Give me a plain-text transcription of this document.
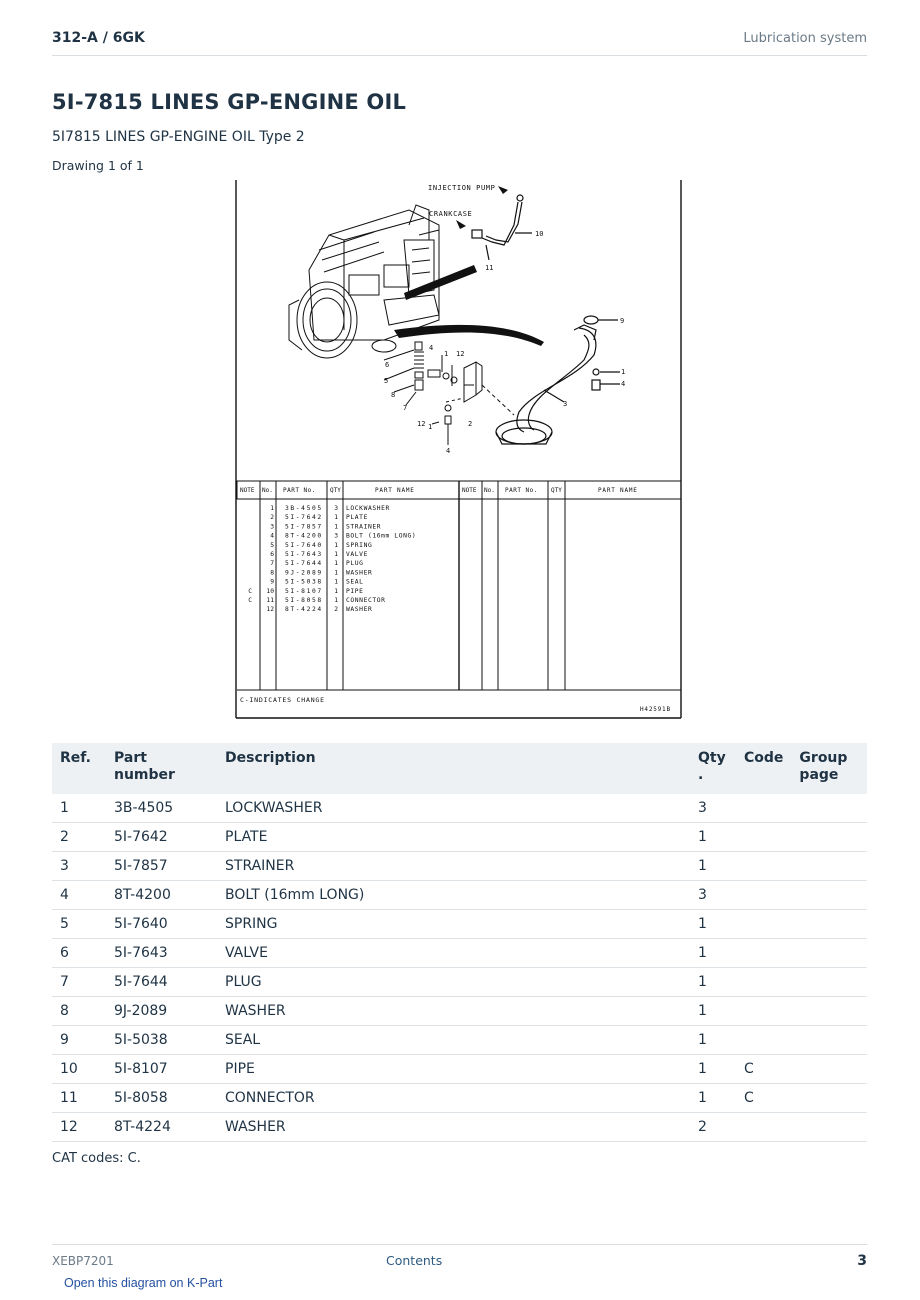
312-A / 6GK	Lubrication system
5I-7815 LINES GP-ENGINE OIL
5I7815 LINES GP-ENGINE OIL Type 2
Drawing 1 of 1
INJECTION PUMP
CRANKCASE
10
11
9
4
1 12
6
5
8
7
1
4
3
2
12 1
4
NOTE No. PART No. QTY	PART NAME	NOTE No. PART No. QTY	PART NAME
1 3B-4505 3 LOCKWASHER
2 5I-7642 1 PLATE
3 5I-7857 1 STRAINER
4 8T-4200 3 BOLT (16mm LONG)
5 5I-7640 1 SPRING
6 5I-7643 1 VALVE
7 5I-7644 1 PLUG
8 9J-2089 1 WASHER
9 5I-5038 1 SEAL
C 10 5I-8107 1 PIPE
C 11 5I-8058 1 CONNECTOR
12 8T-4224 2 WASHER
C-INDICATES CHANGE
H42591B
Ref.	Part number	Description	Qty
.	Code	Group
page
1	3B-4505	LOCKWASHER	3		
2	5I-7642	PLATE	1		
3	5I-7857	STRAINER	1		
4	8T-4200	BOLT (16mm LONG)	3		
5	5I-7640	SPRING	1		
6	5I-7643	VALVE	1		
7	5I-7644	PLUG	1		
8	9J-2089	WASHER	1		
9	5I-5038	SEAL	1		
10	5I-8107	PIPE	1	C	
11	5I-8058	CONNECTOR	1	C	
12	8T-4224	WASHER	2		
CAT codes: C.
XEBP7201	Contents	3
Open this diagram on K-Part
